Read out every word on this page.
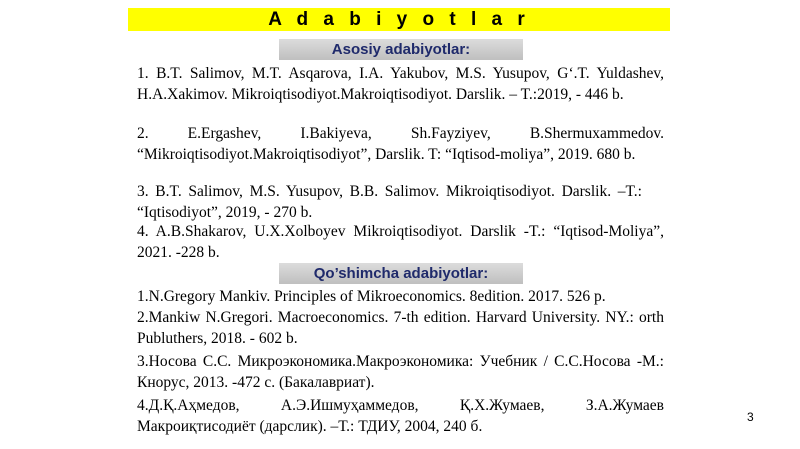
A d a b i y o t l a r
Asosiy adabiyotlar:
1. B.T. Salimov, M.T. Asqarova, I.A. Yakubov, M.S. Yusupov, G‘.T. Yuldashev, H.A.Xakimov. Mikroiqtisodiyot.Makroiqtisodiyot. Darslik. – T.:2019, - 446 b.
2. E.Ergashev, I.Bakiyeva, Sh.Fayziyev, B.Shermuxammedov. “Mikroiqtisodiyot.Makroiqtisodiyot”, Darslik. T: “Iqtisod-moliya”, 2019. 680 b.
3. B.T. Salimov, M.S. Yusupov, B.B. Salimov. Mikroiqtisodiyot. Darslik. –T.: “Iqtisodiyot”, 2019, - 270 b.
4. A.B.Shakarov, U.X.Xolboyev Mikroiqtisodiyot. Darslik -T.: “Iqtisod-Moliya”, 2021. -228 b.
Qo’shimcha adabiyotlar:
1.N.Gregory Mankiv. Principles of Mikroeconomics. 8edition. 2017. 526 p.
2.Mankiw N.Gregori. Macroeconomics. 7-th edition. Harvard University. NY.: orth Publuthers, 2018. - 602 b.
3.Носова С.С. Микроэкономика.Макроэкономика: Учебник / С.С.Носова -М.: Кнорус, 2013. -472 с. (Бакалавриат).
4.Д.Қ.Аҳмедов, А.Э.Ишмуҳаммедов, Қ.Х.Жумаев, З.А.Жумаев Макроиқтисодиёт (дарслик). –Т.: ТДИУ, 2004, 240 б.
3
